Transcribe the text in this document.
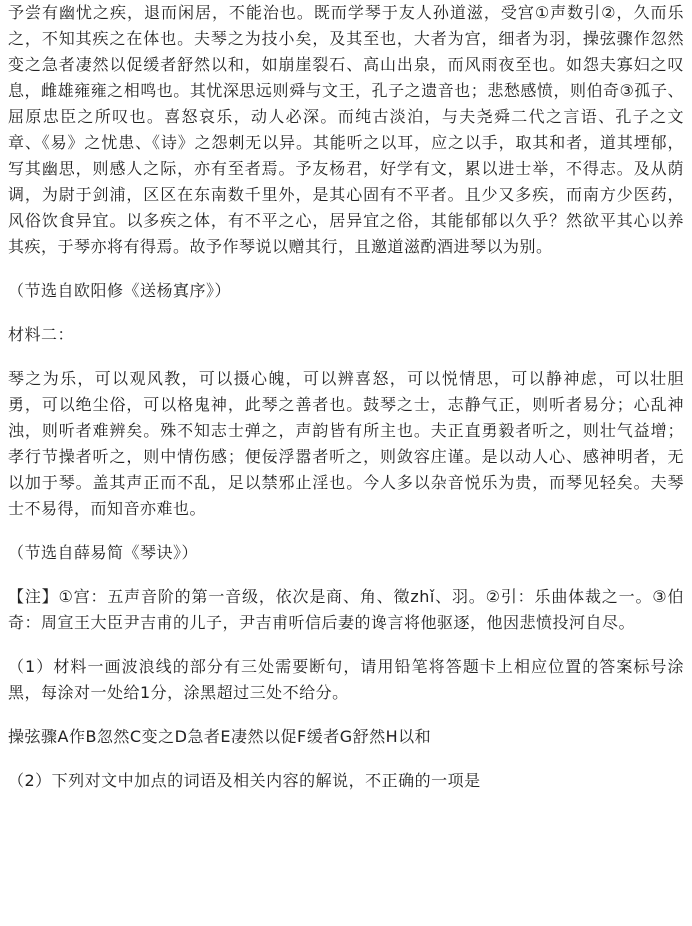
予尝有幽忧之疾，退而闲居，不能治也。既而学琴于友人孙道滋，受宫①声数引②，久而乐之，不知其疾之在体也。夫琴之为技小矣，及其至也，大者为宫，细者为羽，操弦骤作忽然变之急者凄然以促缓者舒然以和，如崩崖裂石、高山出泉，而风雨夜至也。如怨夫寡妇之叹息，雌雄雍雍之相鸣也。其忧深思远则舜与文王，孔子之遗音也；悲愁感愤，则伯奇③孤子、屈原忠臣之所叹也。喜怒哀乐，动人必深。而纯古淡泊，与夫尧舜二代之言语、孔子之文章、《易》之忧患、《诗》之怨刺无以异。其能听之以耳，应之以手，取其和者，道其堙郁，写其幽思，则感人之际，亦有至者焉。予友杨君，好学有文，累以进士举，不得志。及从荫调，为尉于剑浦，区区在东南数千里外，是其心固有不平者。且少又多疾，而南方少医药，风俗饮食异宜。以多疾之体，有不平之心，居异宜之俗，其能郁郁以久乎？然欲平其心以养其疾，于琴亦将有得焉。故予作琴说以赠其行，且邀道滋酌酒进琴以为别。

（节选自欧阳修《送杨寘序》）

材料二：

琴之为乐，可以观风教，可以摄心魄，可以辨喜怒，可以悦情思，可以静神虑，可以壮胆勇，可以绝尘俗，可以格鬼神，此琴之善者也。鼓琴之士，志静气正，则听者易分；心乱神浊，则听者难辨矣。殊不知志士弹之，声韵皆有所主也。夫正直勇毅者听之，则壮气益增；孝行节操者听之，则中情伤感；便佞浮嚣者听之，则敛容庄谨。是以动人心、感神明者，无以加于琴。盖其声正而不乱，足以禁邪止淫也。今人多以杂音悦乐为贵，而琴见轻矣。夫琴士不易得，而知音亦难也。

（节选自薛易简《琴诀》）

【注】①宫：五声音阶的第一音级，依次是商、角、徵zhǐ、羽。②引：乐曲体裁之一。③伯奇：周宣王大臣尹吉甫的儿子，尹吉甫听信后妻的谗言将他驱逐，他因悲愤投河自尽。

（1）材料一画波浪线的部分有三处需要断句，请用铅笔将答题卡上相应位置的答案标号涂黑，每涂对一处给1分，涂黑超过三处不给分。

操弦骤A作B忽然C变之D急者E凄然以促F缓者G舒然H以和

（2）下列对文中加点的词语及相关内容的解说，不正确的一项是
